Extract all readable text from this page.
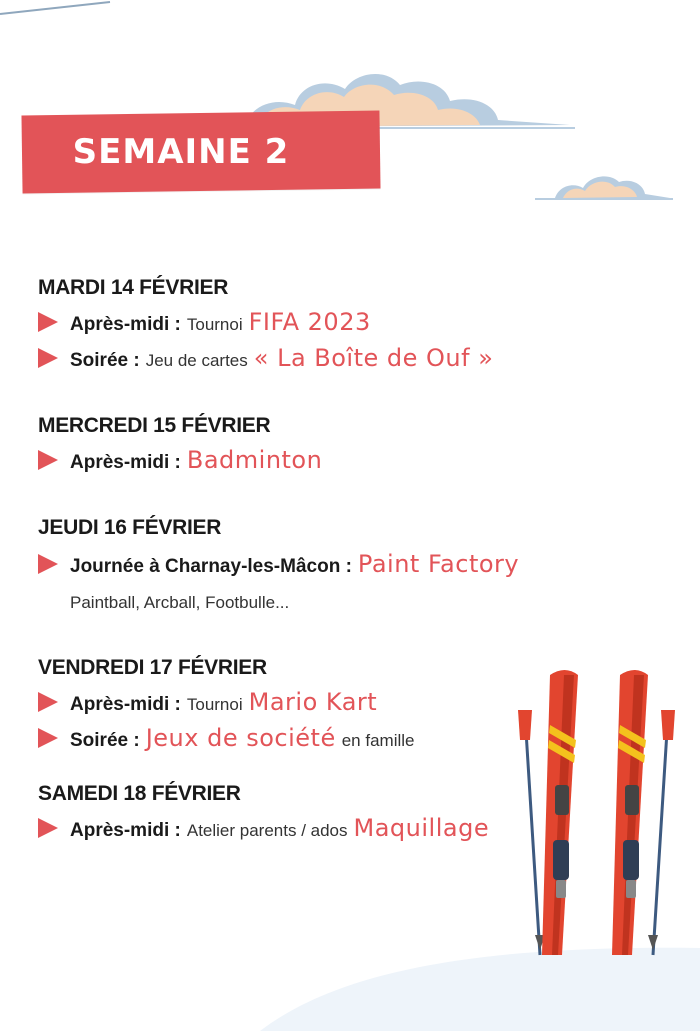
SEMAINE 2
MARDI 14 FÉVRIER
Après-midi : Tournoi FIFA 2023
Soirée : Jeu de cartes « La Boîte de Ouf »
MERCREDI 15 FÉVRIER
Après-midi : Badminton
JEUDI 16 FÉVRIER
Journée à Charnay-les-Mâcon : Paint Factory
Paintball, Arcball, Footbulle...
VENDREDI 17 FÉVRIER
Après-midi : Tournoi Mario Kart
Soirée : Jeux de société en famille
SAMEDI 18 FÉVRIER
Après-midi : Atelier parents / ados Maquillage
